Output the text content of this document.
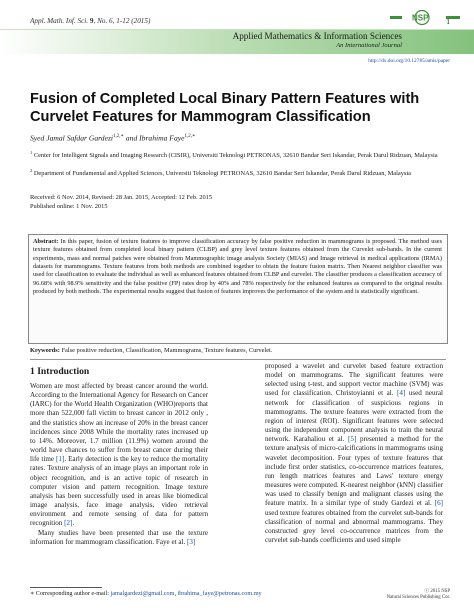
Appl. Math. Inf. Sci. 9, No. 6, 1-12 (2015)	NSP 1
Applied Mathematics & Information Sciences
An International Journal
http://dx.doi.org/10.12785/amis/paper
Fusion of Completed Local Binary Pattern Features with Curvelet Features for Mammogram Classification
Syed Jamal Safdar Gardezi$^{1,2,∗}$ and Ibrahima Faye$^{1,2,∗}$
$^1$ Center for Intelligent Signals and Imaging Research (CISIR), Universiti Teknologi PETRONAS, 32610 Bandar Seri Iskandar, Perak Darul Ridzuan, Malaysia
$^2$ Department of Fundamental and Applied Sciences, Universiti Teknologi PETRONAS, 32610 Bandar Seri Iskandar, Perak Darul Ridzuan, Malaysia
Received: 6 Nov. 2014, Revised: 28 Jan. 2015, Accepted: 12 Feb. 2015
Published online: 1 Nov. 2015
Abstract: In this paper, fusion of texture features to improve classification accuracy by false positive reduction in mammograms is proposed. The method uses texture features obtained from completed local binary pattern (CLBP) and grey level texture features obtained from the Curvelet sub-bands. In the current experiments, mass and normal patches were obtained from Mammographic image analysis Society (MIAS) and Image retrieval in medical applications (IRMA) datasets for mammograms. Texture features from both methods are combined together to obtain the feature fusion matrix. Then Nearest neighbor classifier was used for classification to evaluate the individual as well as enhanced features obtained from CLBP and curvelet. The classifier produces a classification accuracy of 96.68% with 98.9% sensitivity and the false positive (FP) rates drop by 40% and 78% respectively for the enhanced features as compared to the original results produced by both methods. The experimental results suggest that fusion of features improves the performance of the system and is statistically significant.
Keywords: False positive reduction, Classification, Mammograms, Texture features, Curvelet.
1 Introduction

Women are most affected by breast cancer around the world. According to the International Agency for Research on Cancer (IARC) for the World Health Organization (WHO)reports that more than 522,000 fall victim to breast cancer in 2012 only , and the statistics show an increase of 20% in the breast cancer incidences since 2008 While the mortality rates increased up to 14%. Moreover, 1.7 million (11.9%) women around the world have chances to suffer from breast cancer during their life time [1]. Early detection is the key to reduce the mortality rates. Texture analysis of an image plays an important role in object recognition, and is an active topic of research in computer vision and pattern recognition. Image texture analysis has been successfully used in areas like biomedical image analysis, face image analysis, video retrieval environment and remote sensing of data for pattern recognition [2].

Many studies have been presented that use the texture information for mammogram classification. Faye et al. [3]

proposed a wavelet and curvelet based feature extraction model on mammograms. The significant features were selected using t-test, and support vector machine (SVM) was used for classification. Christoyianni et al. [4] used neural network for classification of suspicious regions in mammograms. The texture features were extracted from the region of interest (ROI). Significant features were selected using the independent component analysis to train the neural network. Karahaliou et al. [5] presented a method for the texture analysis of micro-calcifications in mammograms using wavelet decomposition. Four types of texture features that include first order statistics, co-occurrence matrices features, run length matrices features and Laws' texture energy measures were computed. K-nearest neighbor (kNN) classifier was used to classify benign and malignant classes using the feature matrix. In a similar type of study Gardezi et al. [6] used texture features obtained from the curvelet sub-bands for classification of normal and abnormal mammograms. They constructed grey level co-occurrence matrices from the curvelet sub-bands coefficients and used simple

∗ Corresponding author e-mail: jamalgardezi@gmail.com, ibrahima_faye@petronas.com.my	ⓒ 2015 NSP
Natural Sciences Publishing Cor.
